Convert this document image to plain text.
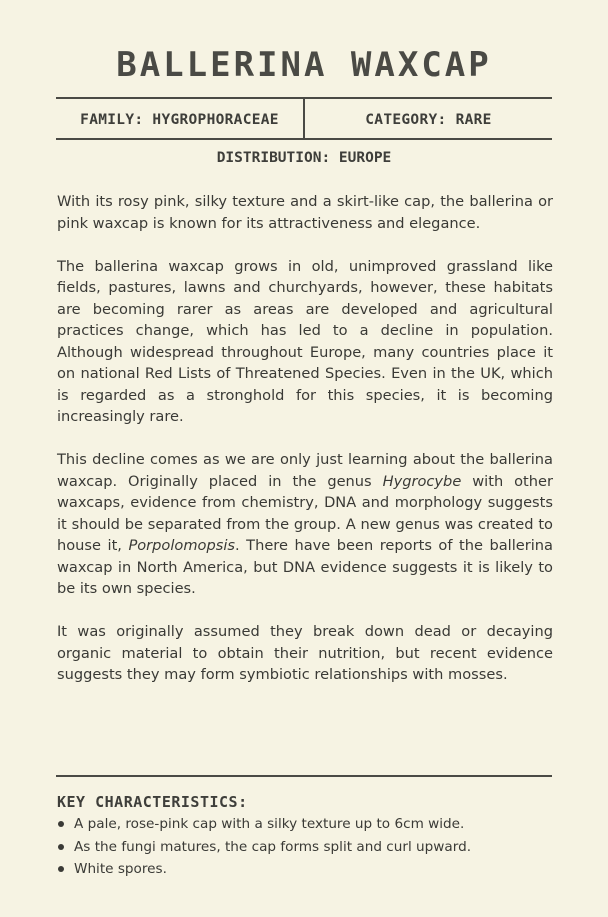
BALLERINA WAXCAP
FAMILY: HYGROPHORACEAE	CATEGORY: RARE
DISTRIBUTION: EUROPE

With its rosy pink, silky texture and a skirt-like cap, the ballerina or pink waxcap is known for its attractiveness and elegance.

The ballerina waxcap grows in old, unimproved grassland like fields, pastures, lawns and churchyards, however, these habitats are becoming rarer as areas are developed and agricultural practices change, which has led to a decline in population. Although widespread throughout Europe, many countries place it on national Red Lists of Threatened Species. Even in the UK, which is regarded as a stronghold for this species, it is becoming increasingly rare.

This decline comes as we are only just learning about the ballerina waxcap. Originally placed in the genus Hygrocybe with other waxcaps, evidence from chemistry, DNA and morphology suggests it should be separated from the group. A new genus was created to house it, Porpolomopsis. There have been reports of the ballerina waxcap in North America, but DNA evidence suggests it is likely to be its own species.

It was originally assumed they break down dead or decaying organic material to obtain their nutrition, but recent evidence suggests they may form symbiotic relationships with mosses.

KEY CHARACTERISTICS:
A pale, rose-pink cap with a silky texture up to 6cm wide.
As the fungi matures, the cap forms split and curl upward.
White spores.
